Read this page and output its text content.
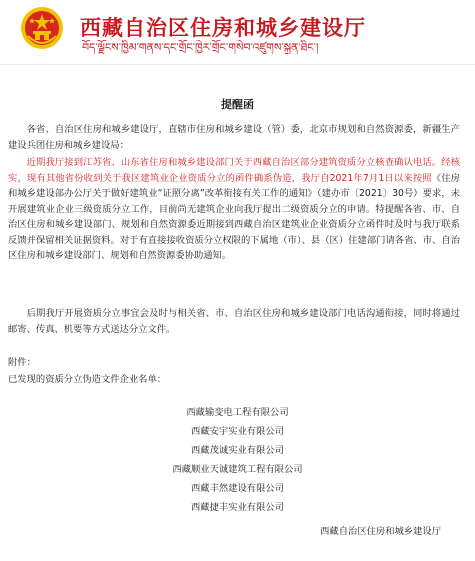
西藏自治区住房和城乡建设厅
བོད་ལྗོངས་ཁྱིམ་གནས་དང་གྲོང་ཁྱེར་གྲོང་གསེབ་འཛུགས་སྐྲུན་ཐིང་།
提醒函

各省、自治区住房和城乡建设厅，直辖市住房和城乡建设（管）委，北京市规划和自然资源委，新疆生产建设兵团住房和城乡建设局：

近期我厅接到江苏省、山东省住房和城乡建设部门关于西藏自治区部分建筑资质分立核查确认电话。经核实，现有其他省份收到关于我区建筑业企业资质分立的函件确系伪造，我厅自2021年7月1日以来按照《住房和城乡建设部办公厅关于做好建筑业“证照分离”改革衔接有关工作的通知》（建办市〔2021〕30号）要求，未开展建筑业企业三级资质分立工作，目前尚无建筑企业向我厅提出二级资质分立的申请。特提醒各省、市、自治区住房和城乡建设部门、规划和自然资源委近期接到西藏自治区建筑业企业资质分立函件时及时与我厅联系反馈并保留相关证据资料。对于有直接接收资质分立权限的下属地（市）、县（区）住建部门请各省、市、自治区住房和城乡建设部门、规划和自然资源委协助通知。

后期我厅开展资质分立事宜会及时与相关省、市、自治区住房和城乡建设部门电话沟通衔接，同时将通过邮寄、传真、机要等方式送达分立文件。

附件：

已发现的资质分立伪造文件企业名单：

西藏输变电工程有限公司
西藏安宇实业有限公司
西藏茂诚实业有限公司
西藏顺业天诚建筑工程有限公司
西藏丰然建设有限公司
西藏捷丰实业有限公司
西藏自治区住房和城乡建设厅
